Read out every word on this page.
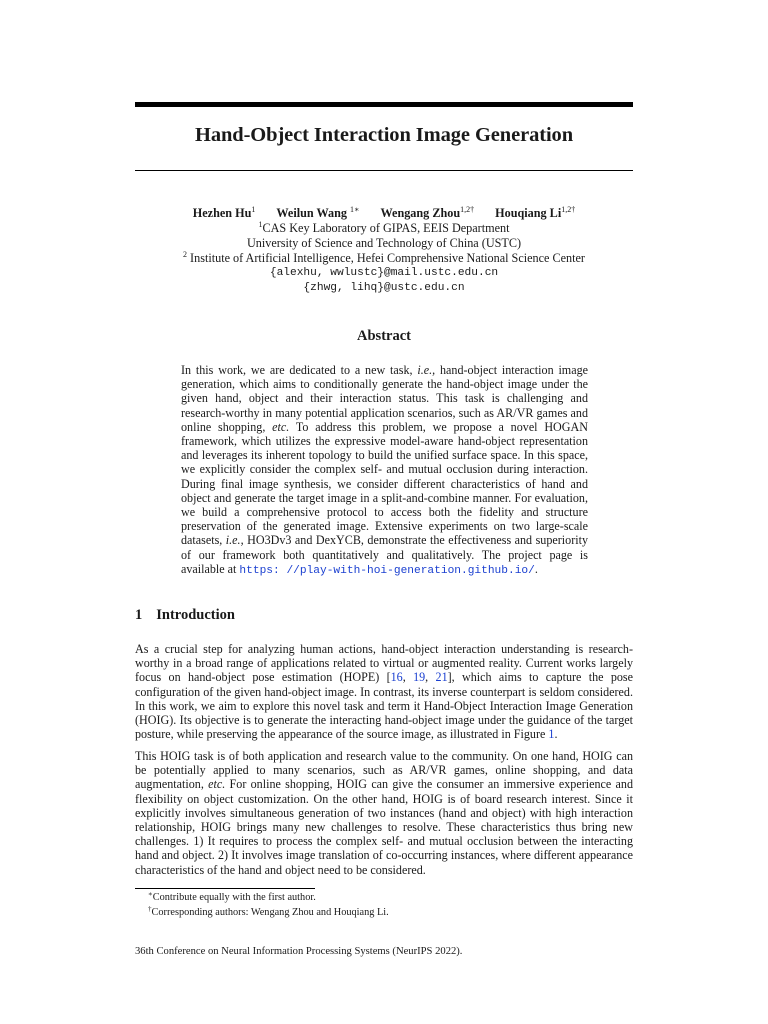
Hand-Object Interaction Image Generation
Hezhen Hu$^1$ Weilun Wang $^{1∗}$ Wengang Zhou$^{1,2\dagger}$ Houqiang $Li^{1,2\dagger}$
$^1$CAS Key Laboratory of GIPAS, EEIS Department
University of Science and Technology of China (USTC)
$^2$ Institute of Artificial Intelligence, Hefei Comprehensive National Science Center
{alexhu, wwlustc}@mail.ustc.edu.cn
{zhwg, lihq}@ustc.edu.cn
Abstract
In this work, we are dedicated to a new task, i.e., hand-object interaction image generation, which aims to conditionally generate the hand-object image under the given hand, object and their interaction status. This task is challenging and research-worthy in many potential application scenarios, such as AR/VR games and online shopping, etc. To address this problem, we propose a novel HOGAN framework, which utilizes the expressive model-aware hand-object representation and leverages its inherent topology to build the unified surface space. In this space, we explicitly consider the complex self- and mutual occlusion during interaction. During final image synthesis, we consider different characteristics of hand and object and generate the target image in a split-and-combine manner. For evaluation, we build a comprehensive protocol to access both the fidelity and structure preservation of the generated image. Extensive experiments on two large-scale datasets, i.e., HO3Dv3 and DexYCB, demonstrate the effectiveness and superiority of our framework both quantitatively and qualitatively. The project page is available at https: //play-with-hoi-generation.github.io/.
1 Introduction
As a crucial step for analyzing human actions, hand-object interaction understanding is research-worthy in a broad range of applications related to virtual or augmented reality. Current works largely focus on hand-object pose estimation (HOPE) [16, 19, 21], which aims to capture the pose configuration of the given hand-object image. In contrast, its inverse counterpart is seldom considered. In this work, we aim to explore this novel task and term it Hand-Object Interaction Image Generation (HOIG). Its objective is to generate the interacting hand-object image under the guidance of the target posture, while preserving the appearance of the source image, as illustrated in Figure 1.
This HOIG task is of both application and research value to the community. On one hand, HOIG can be potentially applied to many scenarios, such as AR/VR games, online shopping, and data augmentation, etc. For online shopping, HOIG can give the consumer an immersive experience and flexibility on object customization. On the other hand, HOIG is of board research interest. Since it explicitly involves simultaneous generation of two instances (hand and object) with high interaction relationship, HOIG brings many new challenges to resolve. These characteristics thus bring new challenges. 1) It requires to process the complex self- and mutual occlusion between the interacting hand and object. 2) It involves image translation of co-occurring instances, where different appearance characteristics of the hand and object need to be considered.
∗Contribute equally with the first author.
†Corresponding authors: Wengang Zhou and Houqiang Li.
36th Conference on Neural Information Processing Systems (NeurIPS 2022).
